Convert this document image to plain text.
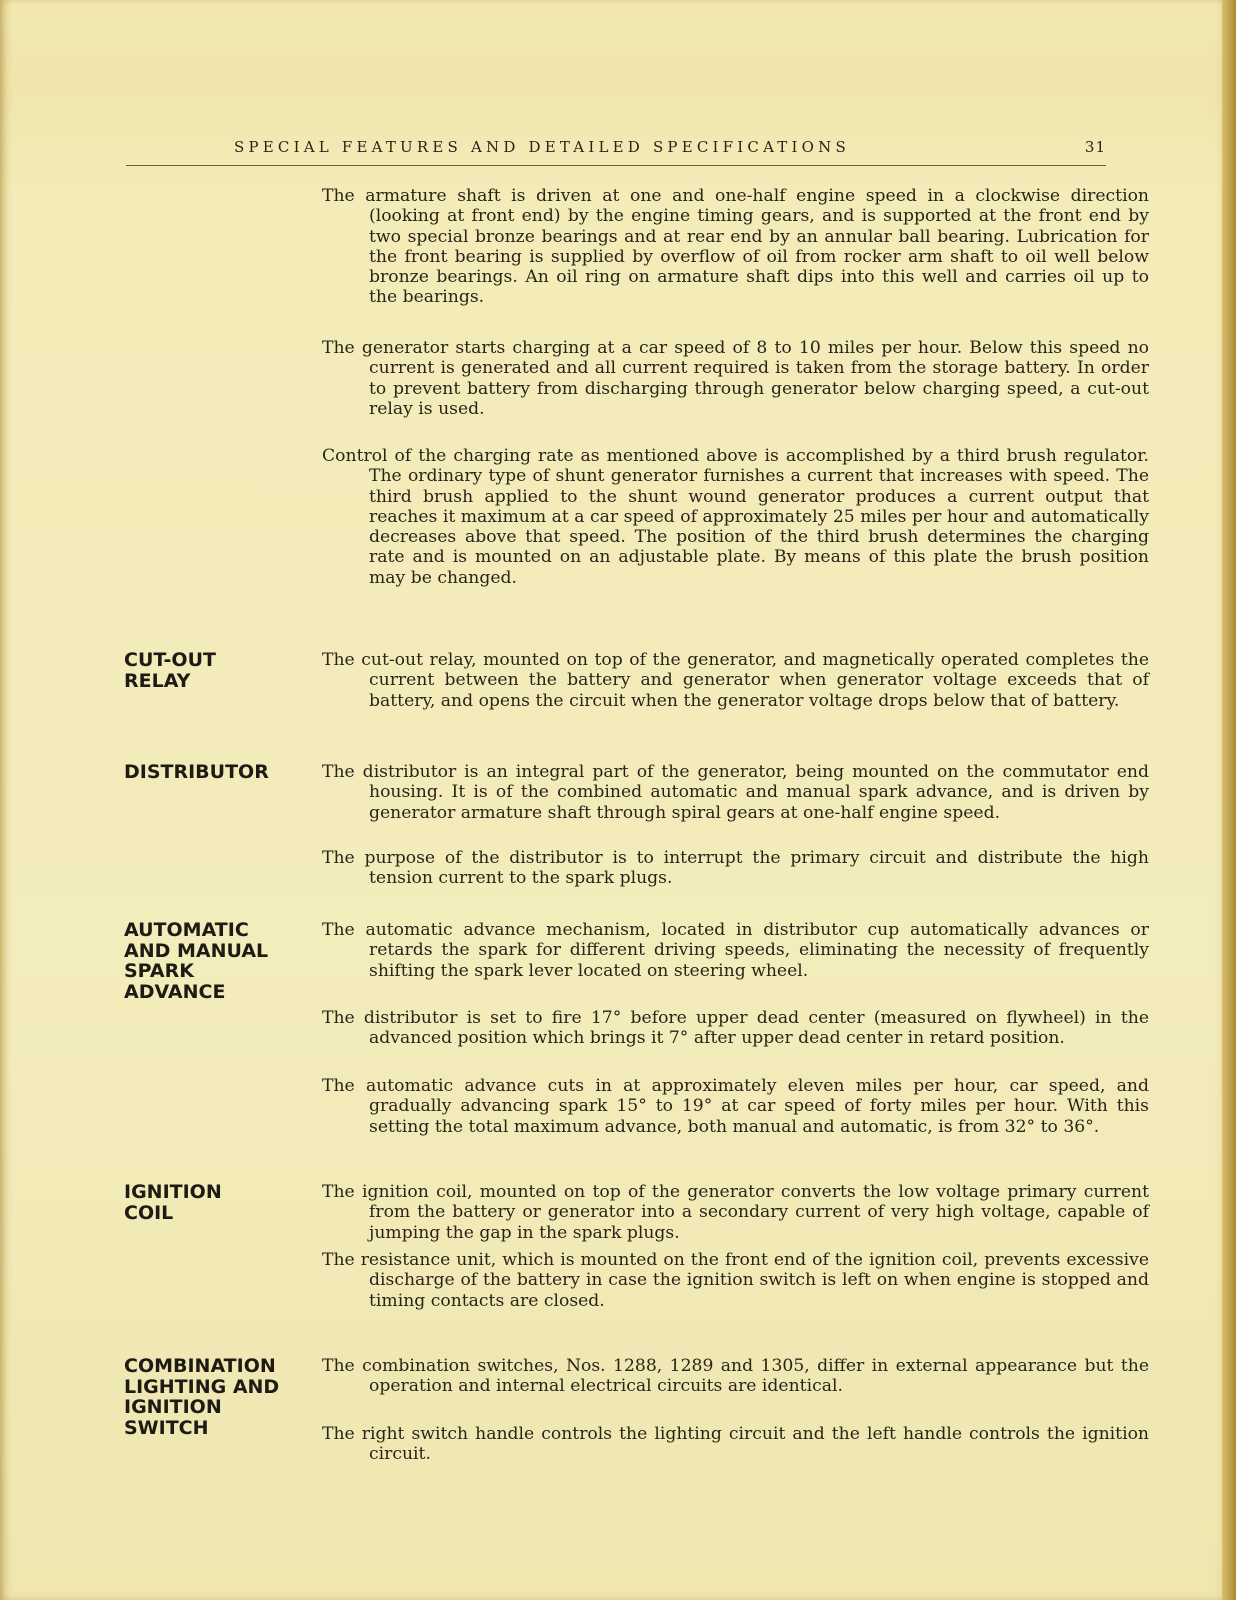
SPECIAL FEATURES AND DETAILED SPECIFICATIONS	31

The armature shaft is driven at one and one-half engine speed in a clockwise direction (looking at front end) by the engine timing gears, and is supported at the front end by two special bronze bearings and at rear end by an annular ball bearing. Lubrication for the front bearing is supplied by overflow of oil from rocker arm shaft to oil well below bronze bearings. An oil ring on armature shaft dips into this well and carries oil up to the bearings.

The generator starts charging at a car speed of 8 to 10 miles per hour. Below this speed no current is generated and all current required is taken from the storage battery. In order to prevent battery from discharging through generator below charging speed, a cut-out relay is used.

Control of the charging rate as mentioned above is accomplished by a third brush regulator. The ordinary type of shunt generator furnishes a current that increases with speed. The third brush applied to the shunt wound generator produces a current output that reaches it maximum at a car speed of approximately 25 miles per hour and automatically decreases above that speed. The position of the third brush determines the charging rate and is mounted on an adjustable plate. By means of this plate the brush position may be changed.

CUT-OUT
RELAY

The cut-out relay, mounted on top of the generator, and magnetically operated completes the current between the battery and generator when generator voltage exceeds that of battery, and opens the circuit when the generator voltage drops below that of battery.

DISTRIBUTOR	The distributor is an integral part of the generator, being mounted on the commutator end housing. It is of the combined automatic and manual spark advance, and is driven by generator armature shaft through spiral gears at one-half engine speed.

The purpose of the distributor is to interrupt the primary circuit and distribute the high tension current to the spark plugs.

AUTOMATIC
AND MANUAL
SPARK
ADVANCE

The automatic advance mechanism, located in distributor cup automatically advances or retards the spark for different driving speeds, eliminating the necessity of frequently shifting the spark lever located on steering wheel.

The distributor is set to fire 17° before upper dead center (measured on flywheel) in the advanced position which brings it 7° after upper dead center in retard position.

The automatic advance cuts in at approximately eleven miles per hour, car speed, and gradually advancing spark 15° to 19° at car speed of forty miles per hour. With this setting the total maximum advance, both manual and automatic, is from 32° to 36°.

IGNITION
COIL

The ignition coil, mounted on top of the generator converts the low voltage primary current from the battery or generator into a secondary current of very high voltage, capable of jumping the gap in the spark plugs.

The resistance unit, which is mounted on the front end of the ignition coil, prevents excessive discharge of the battery in case the ignition switch is left on when engine is stopped and timing contacts are closed.

COMBINATION
LIGHTING AND
IGNITION
SWITCH

The combination switches, Nos. 1288, 1289 and 1305, differ in external appearance but the operation and internal electrical circuits are identical.

The right switch handle controls the lighting circuit and the left handle controls the ignition circuit.
